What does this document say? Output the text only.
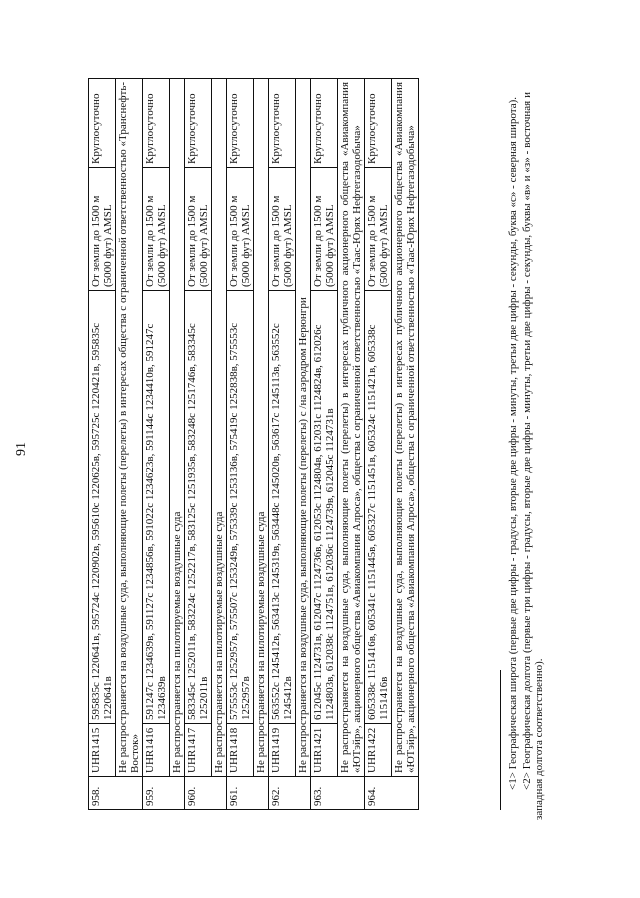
91
958.	UHR1415	595835с 1220641в, 595724с 1220902в, 595610с 1220625в, 595725с 1220421в, 595835с 1220641в	От земли до 1500 м (5000 фут) AMSL	Круглосуточно
	Не распространяется на воздушные суда, выполняющие полеты (перелеты) в интересах общества с ограниченной ответственностью «Транснефть-Восток»			
959.	UHR1416	591247с 1234639в, 591127с 1234856в, 591022с 1234623в, 591144с 1234410в, 591247с 1234639в	От земли до 1500 м (5000 фут) AMSL	Круглосуточно
	Не распространяется на пилотируемые воздушные суда			
960.	UHR1417	583345с 1252011в, 583224с 1252217в, 583125с 1251935в, 583248с 1251746в, 583345с 1252011в	От земли до 1500 м (5000 фут) AMSL	Круглосуточно
	Не распространяется на пилотируемые воздушные суда			
961.	UHR1418	575553с 1252957в, 575507с 1253249в, 575339с 1253136в, 575419с 1252838в, 575553с 1252957в	От земли до 1500 м (5000 фут) AMSL	Круглосуточно
	Не распространяется на пилотируемые воздушные суда			
962.	UHR1419	563552с 1245412в, 563413с 1245319в, 563448с 1245020в, 563617с 1245113в, 563552с 1245412в	От земли до 1500 м (5000 фут) AMSL	Круглосуточно
	Не распространяется на воздушные суда, выполняющие полеты (перелеты) с /на аэродром Нерюнгри			
963.	UHR1421	612045с 1124731в, 612047с 1124736в, 612053с 1124804в, 612031с 1124824в, 612026с 1124803в, 612038с 1124751в, 612036с 1124739в, 612045с 1124731в	От земли до 1500 м (5000 фут) AMSL	Круглосуточно
	Не распространяется на воздушные суда, выполняющие полеты (перелеты) в интересах публичного акционерного общества «Авиакомпания «ЮТэйр», акционерного общества «Авиакомпания Алроса», общества с ограниченной ответственностью «Таас-Юрях Нефтегазодобыча»			
964.	UHR1422	605338с 1151416в, 605341с 1151445в, 605327с 1151451в, 605324с 1151421в, 605338с 1151416в	От земли до 1500 м (5000 фут) AMSL	Круглосуточно
	Не распространяется на воздушные суда, выполняющие полеты (перелеты) в интересах публичного акционерного общества «Авиакомпания «ЮТэйр», акционерного общества «Авиакомпания Алроса», общества с ограниченной ответственностью «Таас-Юрях Нефтегазодобыча»				<1> Географическая широта (первые две цифры - градусы, вторые две цифры - минуты, третьи две цифры - секунды, буква «с» - северная широта). <2> Географическая долгота (первые три цифры - градусы, вторые две цифры - минуты, третьи две цифры - секунды, буквы «в» и «з» - восточная и западная долгота соответственно).
